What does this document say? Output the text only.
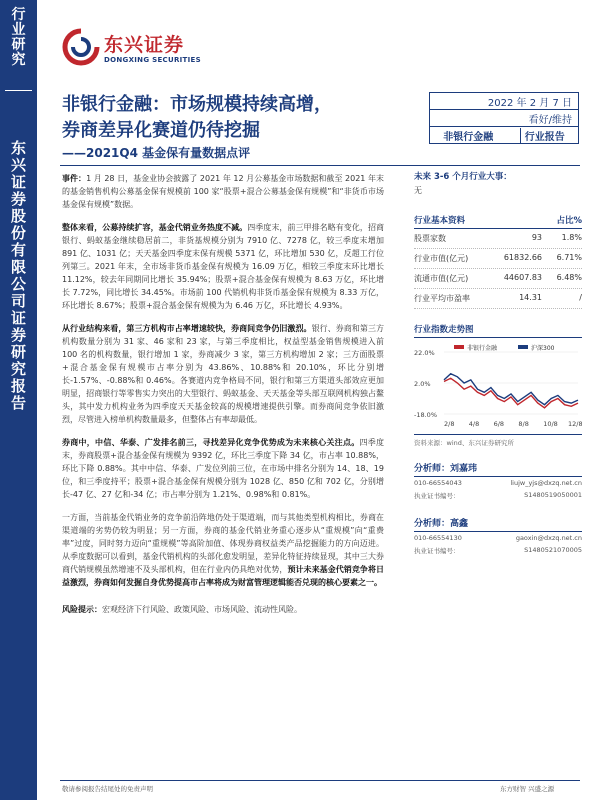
行业研究
东兴证券股份有限公司证券研究报告
东兴证券
DONGXING SECURITIES
非银行金融：市场规模持续高增，
券商差异化赛道仍待挖掘
——2021Q4 基金保有量数据点评
2022 年 2 月 7 日
看好/维持
非银行金融	行业报告

事件：1 月 28 日，基金业协会披露了 2021 年 12 月公募基金市场数据和截至 2021 年末的基金销售机构公募基金保有规模前 100 家“股票+混合公募基金保有规模”和“非货币市场基金保有规模”数据。

整体来看，公募持续扩容，基金代销业务热度不减。四季度末，前三甲排名略有变化，招商银行、蚂蚁基金继续稳居前二，非货基规模分别为 7910 亿、7278 亿，较三季度末增加 891 亿、1031 亿；天天基金四季度末保有规模 5371 亿，环比增加 530 亿，反超工行位列第三。2021 年末，全市场非货币基金保有规模为 16.09 万亿，相较三季度末环比增长 11.12%，较去年同期同比增长 35.94%；股票+混合基金保有规模为 8.63 万亿，环比增长 7.72%，同比增长 34.45%。市场前 100 代销机构非货币基金保有规模为 8.33 万亿，环比增长 8.67%；股票+混合基金保有规模为为 6.46 万亿，环比增长 4.93%。

从行业结构来看，第三方机构市占率增速较快，券商间竞争仍旧激烈。银行、券商和第三方机构数量分别为 31 家、46 家和 23 家，与第三季度相比，权益型基金销售规模进入前 100 名的机构数量，银行增加 1 家，券商减少 3 家，第三方机构增加 2 家；三方面股票+混合基金保有规模市占率分别为 43.86%、10.88%和 20.10%，环比分别增长-1.57%、-0.88%和 0.46%。各赛道内竞争格局不同，银行和第三方渠道头部效应更加明显，招商银行等零售实力突出的大型银行、蚂蚁基金、天天基金等头部互联网机构独占鳌头，其中发力机构业务为四季度天天基金较高的规模增速提供引擎。而券商间竞争依旧激烈，尽管进入榜单机构数量最多，但整体占有率却最低。

券商中，中信、华泰、广发排名前三，寻找差异化竞争优势成为未来核心关注点。四季度末，券商股票+混合基金保有规模为 9392 亿，环比三季度下降 34 亿，市占率 10.88%，环比下降 0.88%。其中中信、华泰、广发位列前三位，在市场中排名分别为 14、18、19 位，和三季度持平；股票+混合基金保有规模分别为 1028 亿、850 亿和 702 亿，分别增长-47 亿、27 亿和-34 亿；市占率分别为 1.21%、0.98%和 0.81%。

一方面，当前基金代销业务的竞争前沿阵地仍处于渠道端，而与其他类型机构相比，券商在渠道端的劣势仍较为明显；另一方面，券商的基金代销业务重心逐步从“重规模”向“重费率”过度，同时努力迈向“重规模”等高阶加值、体现券商权益类产品挖掘能力的方向迈进。从季度数据可以看到，基金代销机构的头部化愈发明显，差异化特征持续显现，其中三大券商代销规模虽然增速不及头部机构，但在行业内仍具绝对优势，预计未来基金代销竞争将日益激烈，券商如何发掘自身优势提高市占率将成为财富管理逻辑能否兑现的核心要素之一。

风险提示：宏观经济下行风险、政策风险、市场风险、流动性风险。

未来 3-6 个月行业大事：
无
行业基本资料	占比%
股票家数	93	1.8%
行业市值(亿元)	61832.66	6.71%
流通市值(亿元)	44607.83	6.48%
行业平均市盈率	14.31	/
行业指数走势图
22.0%
2.0%
-18.0%
非银行金融	沪深300
2/8 4/8 6/8 8/8 10/8 12/8
资料来源：wind、东兴证券研究所
分析师：刘嘉玮
010-66554043	liujw_yjs@dxzq.net.cn
执业证书编号：	S1480519050001
分析师：高鑫
010-66554130	gaoxin@dxzq.net.cn
执业证书编号：	S1480521070005
敬请参阅报告结尾处的免责声明	东方财智 兴盛之源
